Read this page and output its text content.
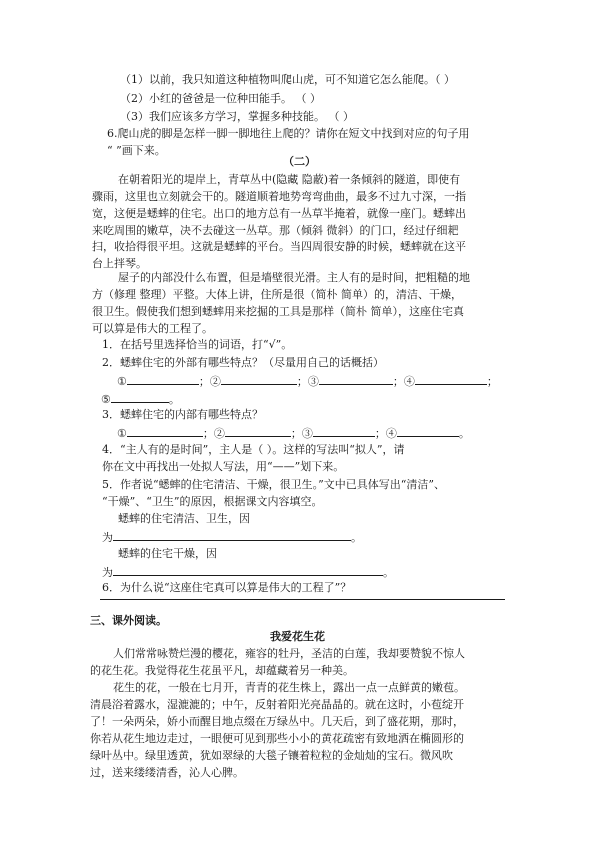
（1）以前，我只知道这种植物叫爬山虎，可不知道它怎么能爬。（ ）
（2）小红的爸爸是一位种田能手。 （ ）
（3）我们应该多方学习，掌握多种技能。 （ ）
6.爬山虎的脚是怎样一脚一脚地往上爬的？请你在短文中找到对应的句子用
“ ”画下来。
（二）
在朝着阳光的堤岸上，青草丛中(隐藏 隐蔽)着一条倾斜的隧道，即使有
骤雨，这里也立刻就会干的。隧道顺着地势弯弯曲曲，最多不过九寸深，一指
宽，这便是蟋蟀的住宅。出口的地方总有一丛草半掩着，就像一座门。蟋蟀出
来吃周围的嫩草，决不去碰这一丛草。那（倾斜 微斜）的门口，经过仔细耙
扫，收拾得很平坦。这就是蟋蟀的平台。当四周很安静的时候，蟋蟀就在这平
台上拌琴。
屋子的内部没什么布置，但是墙壁很光滑。主人有的是时间，把粗糙的地
方（修理 整理）平整。大体上讲，住所是很（简朴 简单）的，清洁、干燥，
很卫生。假使我们想到蟋蟀用来挖掘的工具是那样（简朴 简单），这座住宅真
可以算是伟大的工程了。
1．在括号里选择恰当的词语，打“√”。
2．蟋蟀住宅的外部有哪些特点？（尽量用自己的话概括）
①	；②	；③	；④	；
⑤	。
3．蟋蟀住宅的内部有哪些特点？
①	；②	；③	；④	。
4．“主人有的是时间”，主人是（ ）。这样的写法叫“拟人”，请
你在文中再找出一处拟人写法，用“——”划下来。
5．作者说“蟋蟀的住宅清洁、干燥，很卫生。”文中已具体写出“清洁”、
“干燥”、“卫生”的原因，根据课文内容填空。
蟋蟀的住宅清洁、卫生，因
为	。
蟋蟀的住宅干燥，因
为	。
6．为什么说“这座住宅真可以算是伟大的工程了”？
三、课外阅读。
我爱花生花
人们常常咏赞烂漫的樱花，雍容的牡丹，圣洁的白莲，我却要赞貌不惊人
的花生花。我觉得花生花虽平凡，却蕴藏着另一种美。
花生的花，一般在七月开，青青的花生株上，露出一点一点鲜黄的嫩苞。
清晨浴着露水，湿漉漉的；中午，反射着阳光亮晶晶的。就在这时，小苞绽开
了！一朵两朵，娇小而醒目地点缀在万绿丛中。几天后，到了盛花期，那时，
你若从花生地边走过，一眼便可见到那些小小的黄花疏密有致地洒在椭圆形的
绿叶丛中。绿里透黄，犹如翠绿的大毯子镶着粒粒的金灿灿的宝石。微风吹
过，送来缕缕清香，沁人心脾。
